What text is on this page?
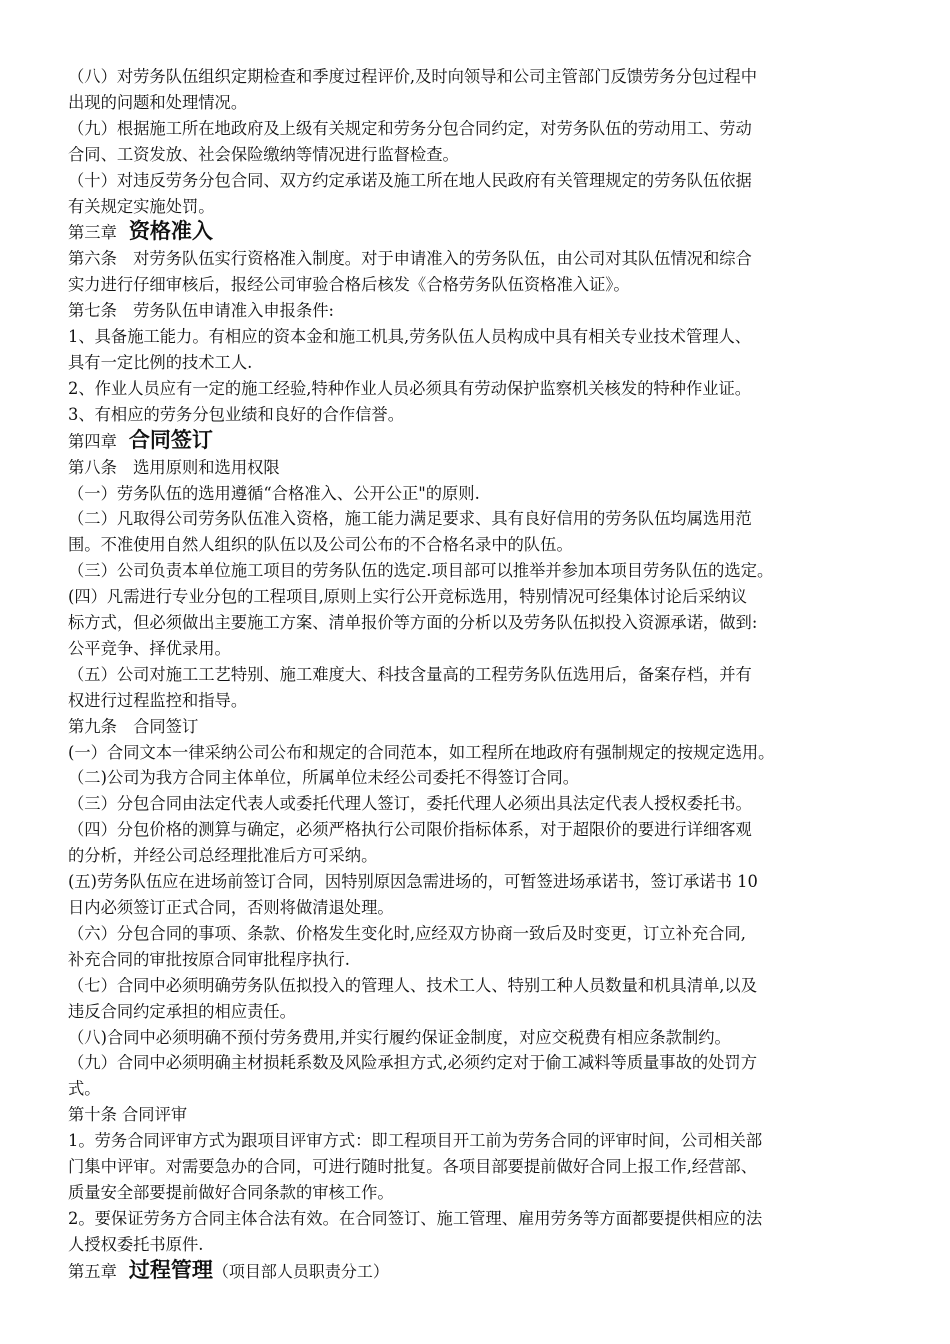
（八）对劳务队伍组织定期检查和季度过程评价,及时向领导和公司主管部门反馈劳务分包过程中
出现的问题和处理情况。
（九）根据施工所在地政府及上级有关规定和劳务分包合同约定，对劳务队伍的劳动用工、劳动
合同、工资发放、社会保险缴纳等情况进行监督检查。
（十）对违反劳务分包合同、双方约定承诺及施工所在地人民政府有关管理规定的劳务队伍依据
有关规定实施处罚。
第三章 资格准入
第六条　对劳务队伍实行资格准入制度。对于申请准入的劳务队伍，由公司对其队伍情况和综合
实力进行仔细审核后，报经公司审验合格后核发《合格劳务队伍资格准入证》。
第七条　劳务队伍申请准入申报条件:
1、具备施工能力。有相应的资本金和施工机具,劳务队伍人员构成中具有相关专业技术管理人、
具有一定比例的技术工人.
2、作业人员应有一定的施工经验,特种作业人员必须具有劳动保护监察机关核发的特种作业证。
3、有相应的劳务分包业绩和良好的合作信誉。
第四章 合同签订
第八条　选用原则和选用权限
（一）劳务队伍的选用遵循“合格准入、公开公正"的原则.
（二）凡取得公司劳务队伍准入资格，施工能力满足要求、具有良好信用的劳务队伍均属选用范
围。不准使用自然人组织的队伍以及公司公布的不合格名录中的队伍。
（三）公司负责本单位施工项目的劳务队伍的选定.项目部可以推举并参加本项目劳务队伍的选定。
(四）凡需进行专业分包的工程项目,原则上实行公开竞标选用，特别情况可经集体讨论后采纳议
标方式，但必须做出主要施工方案、清单报价等方面的分析以及劳务队伍拟投入资源承诺，做到:
公平竞争、择优录用。
（五）公司对施工工艺特别、施工难度大、科技含量高的工程劳务队伍选用后，备案存档，并有
权进行过程监控和指导。
第九条　合同签订
(一）合同文本一律采纳公司公布和规定的合同范本，如工程所在地政府有强制规定的按规定选用。
（二)公司为我方合同主体单位，所属单位未经公司委托不得签订合同。
（三）分包合同由法定代表人或委托代理人签订，委托代理人必须出具法定代表人授权委托书。
（四）分包价格的测算与确定，必须严格执行公司限价指标体系，对于超限价的要进行详细客观
的分析，并经公司总经理批准后方可采纳。
(五)劳务队伍应在进场前签订合同，因特别原因急需进场的，可暂签进场承诺书，签订承诺书 10
日内必须签订正式合同，否则将做清退处理。
（六）分包合同的事项、条款、价格发生变化时,应经双方协商一致后及时变更，订立补充合同,
补充合同的审批按原合同审批程序执行.
（七）合同中必须明确劳务队伍拟投入的管理人、技术工人、特别工种人员数量和机具清单,以及
违反合同约定承担的相应责任。
（八)合同中必须明确不预付劳务费用,并实行履约保证金制度，对应交税费有相应条款制约。
（九）合同中必须明确主材损耗系数及风险承担方式,必须约定对于偷工减料等质量事故的处罚方
式。
第十条 合同评审
1。劳务合同评审方式为跟项目评审方式：即工程项目开工前为劳务合同的评审时间，公司相关部
门集中评审。对需要急办的合同，可进行随时批复。各项目部要提前做好合同上报工作,经营部、
质量安全部要提前做好合同条款的审核工作。
2。要保证劳务方合同主体合法有效。在合同签订、施工管理、雇用劳务等方面都要提供相应的法
人授权委托书原件.
第五章 过程管理（项目部人员职责分工）
